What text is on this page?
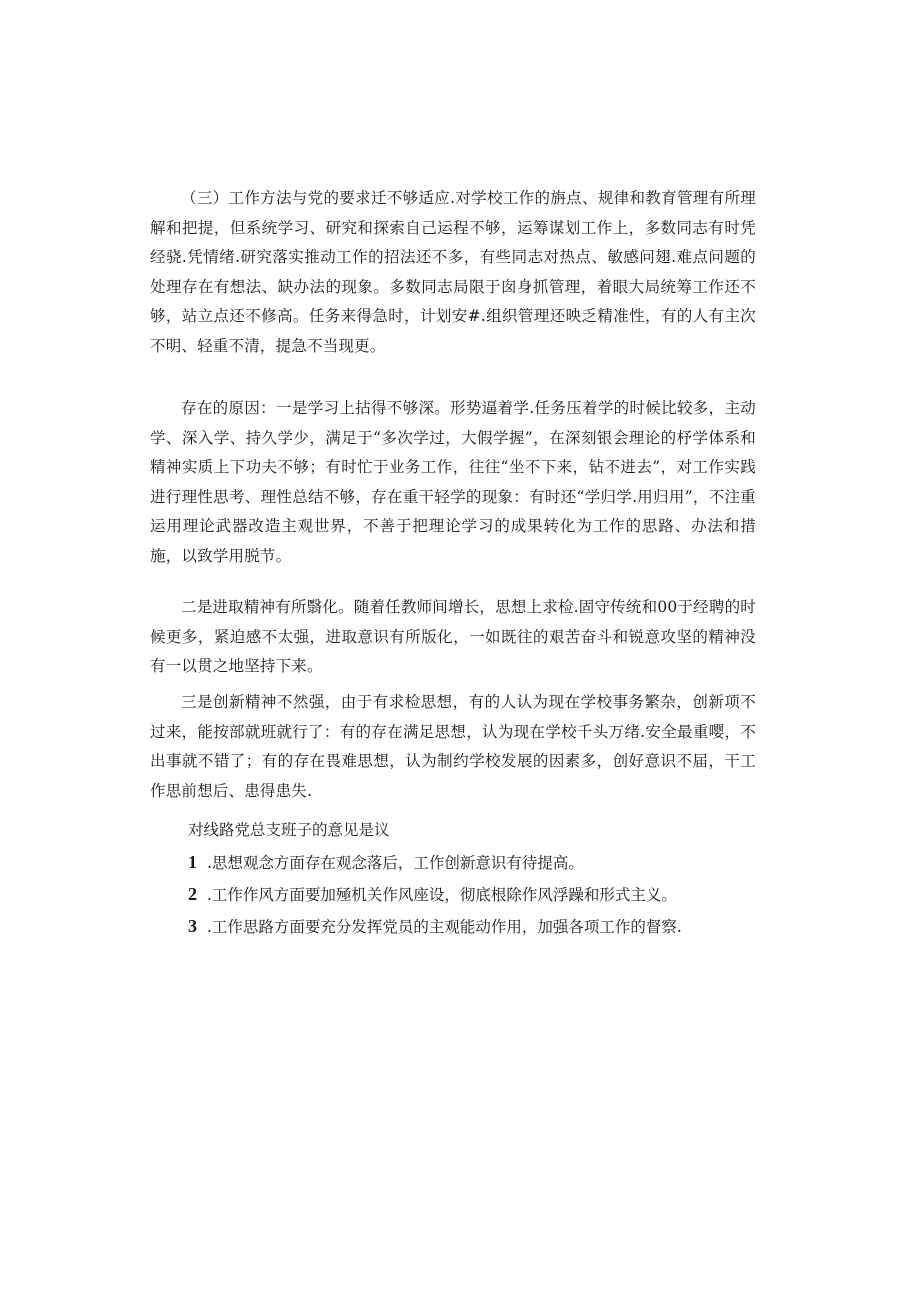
（三）工作方法与党的要求迁不够适应.对学校工作的旃点、规律和教育管理有所理解和把提，但系统学习、研究和探索自己运程不够，运筹谋划工作上，多数同志有时凭经骁.凭情绪.研究落实推动工作的招法还不多，有些同志对热点、敏感问翅.难点问题的处理存在有想法、缺办法的现象。多数同志局限于囱身抓管理，着眼大局统筹工作还不够，站立点还不修高。任务来得急时，计划安#.组织管理还映乏精准性，有的人有主次不明、轻重不清，提急不当现更。

存在的原因：一是学习上拈得不够深。形势逼着学.任务压着学的时候比较多，主动学、深入学、持久学少，满足于“多次学过，大假学握”，在深刻银会理论的杼学体系和精神实质上下功夫不够；有时忙于业务工作，往往“坐不下来，钻不进去”，对工作实践进行理性思考、理性总结不够，存在重干轻学的现象：有时还“学归学.用归用”，不注重运用理论武器改造主观世界，不善于把理论学习的成果转化为工作的思路、办法和措施，以致学用脱节。

二是进取精神有所翳化。随着任教师间增长，思想上求检.固守传统和00于经聘的时候更多，紧迫感不太强，进取意识有所版化，一如既往的艰苦奋斗和锐意攻坚的精神没有一以贯之地坚持下来。

三是创新精神不然强，由于有求检思想，有的人认为现在学校事务繁杂，创新项不过来，能按部就班就行了：有的存在满足思想，认为现在学校千头万绪.安全最重嘤，不出事就不错了；有的存在畏难思想，认为制约学校发展的因素多，创好意识不届，干工作思前想后、患得患失.

对线路党总支班子的意见是议

1 .思想观念方面存在观念落后，工作创新意识有待提高。

2 .工作作风方面要加殛机关作风座设，彻底根除作风浮躁和形式主义。

3 .工作思路方面要充分发挥党员的主观能动作用，加强各项工作的督察.
